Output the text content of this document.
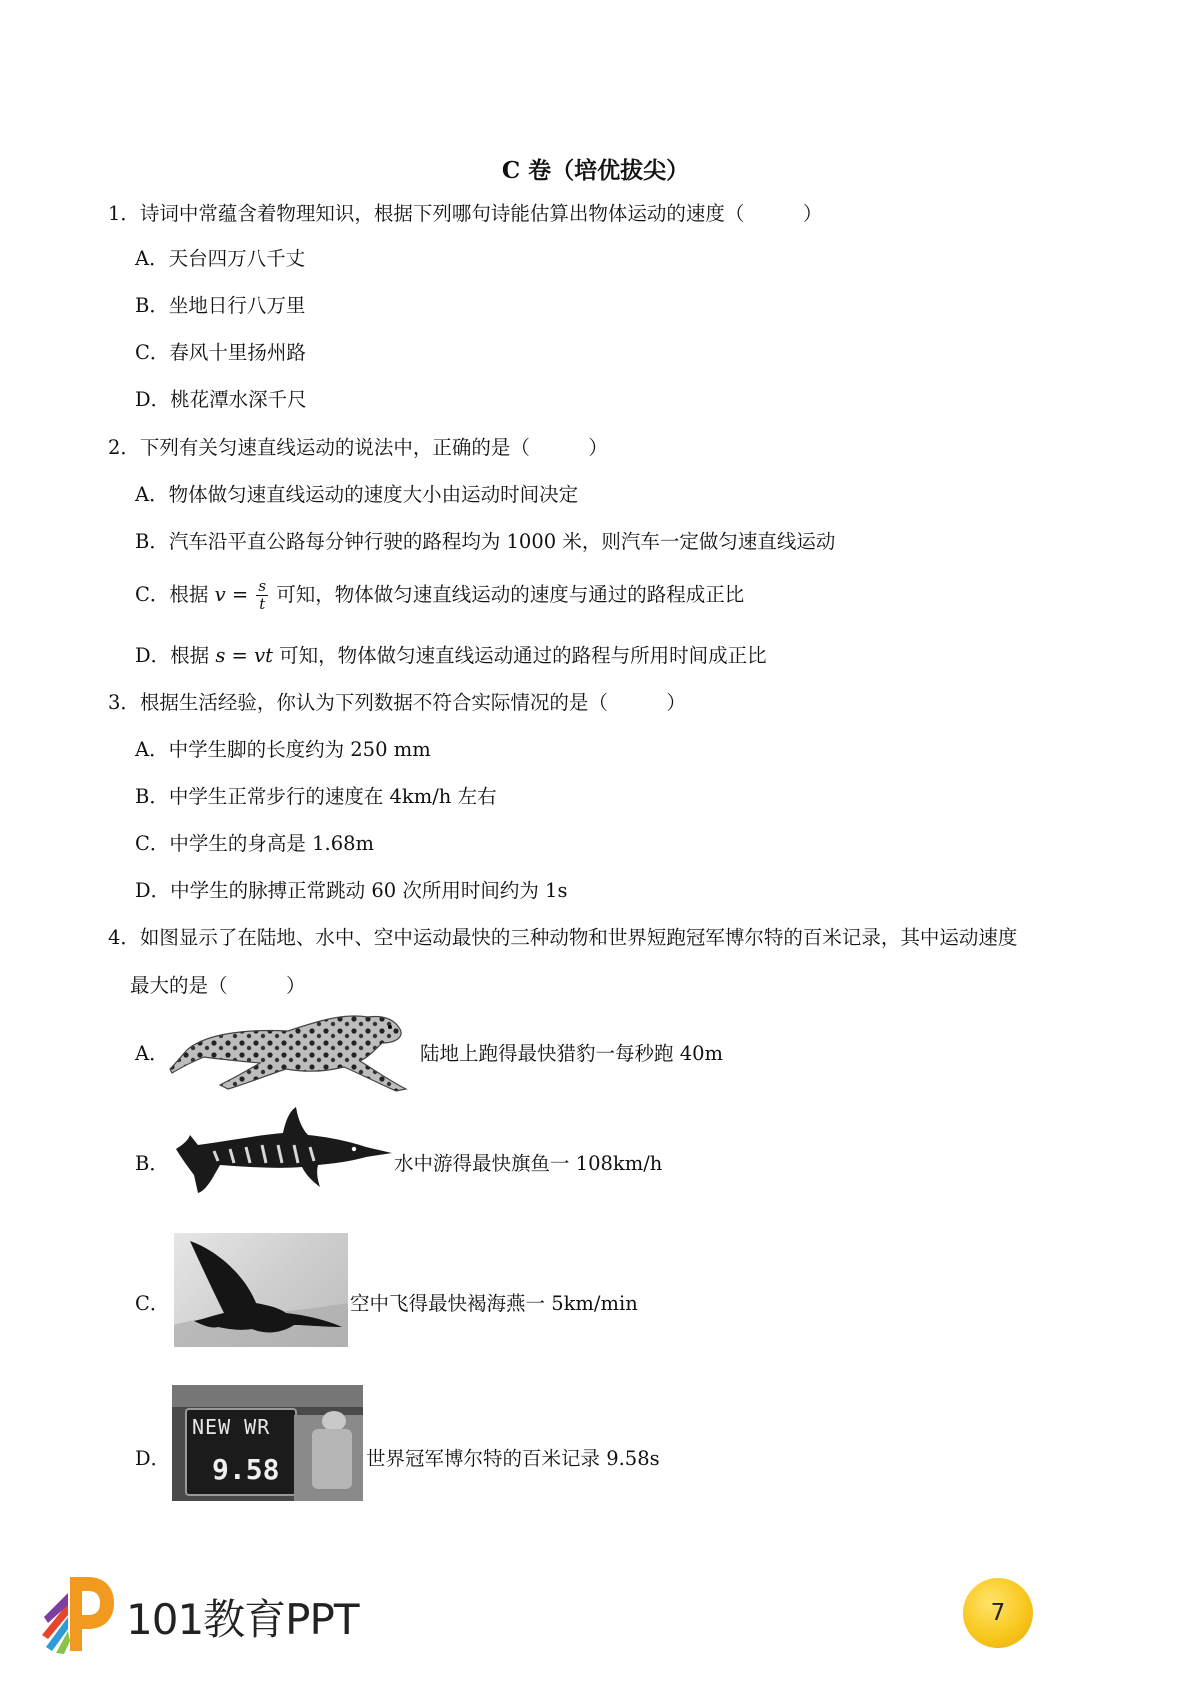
C 卷（培优拔尖）
1．诗词中常蕴含着物理知识，根据下列哪句诗能估算出物体运动的速度（　　　）
A．天台四万八千丈
B．坐地日行八万里
C．春风十里扬州路
D．桃花潭水深千尺
2．下列有关匀速直线运动的说法中，正确的是（　　　）
A．物体做匀速直线运动的速度大小由运动时间决定
B．汽车沿平直公路每分钟行驶的路程均为 1000 米，则汽车一定做匀速直线运动
C．根据 $v = \frac{s}{t}$ 可知，物体做匀速直线运动的速度与通过的路程成正比
D．根据 s = vt 可知，物体做匀速直线运动通过的路程与所用时间成正比
3．根据生活经验，你认为下列数据不符合实际情况的是（　　　）
A．中学生脚的长度约为 250 mm
B．中学生正常步行的速度在 4km/h 左右
C．中学生的身高是 1.68m
D．中学生的脉搏正常跳动 60 次所用时间约为 1s
4．如图显示了在陆地、水中、空中运动最快的三种动物和世界短跑冠军博尔特的百米记录，其中运动速度
最大的是（　　　）
A．	陆地上跑得最快猎豹一每秒跑 40m
B．	水中游得最快旗鱼一 108km/h
C．	空中飞得最快褐海燕一 5km/min
D．
NEW WR
9.58	世界冠军博尔特的百米记录 9.58s
101教育PPT	7
